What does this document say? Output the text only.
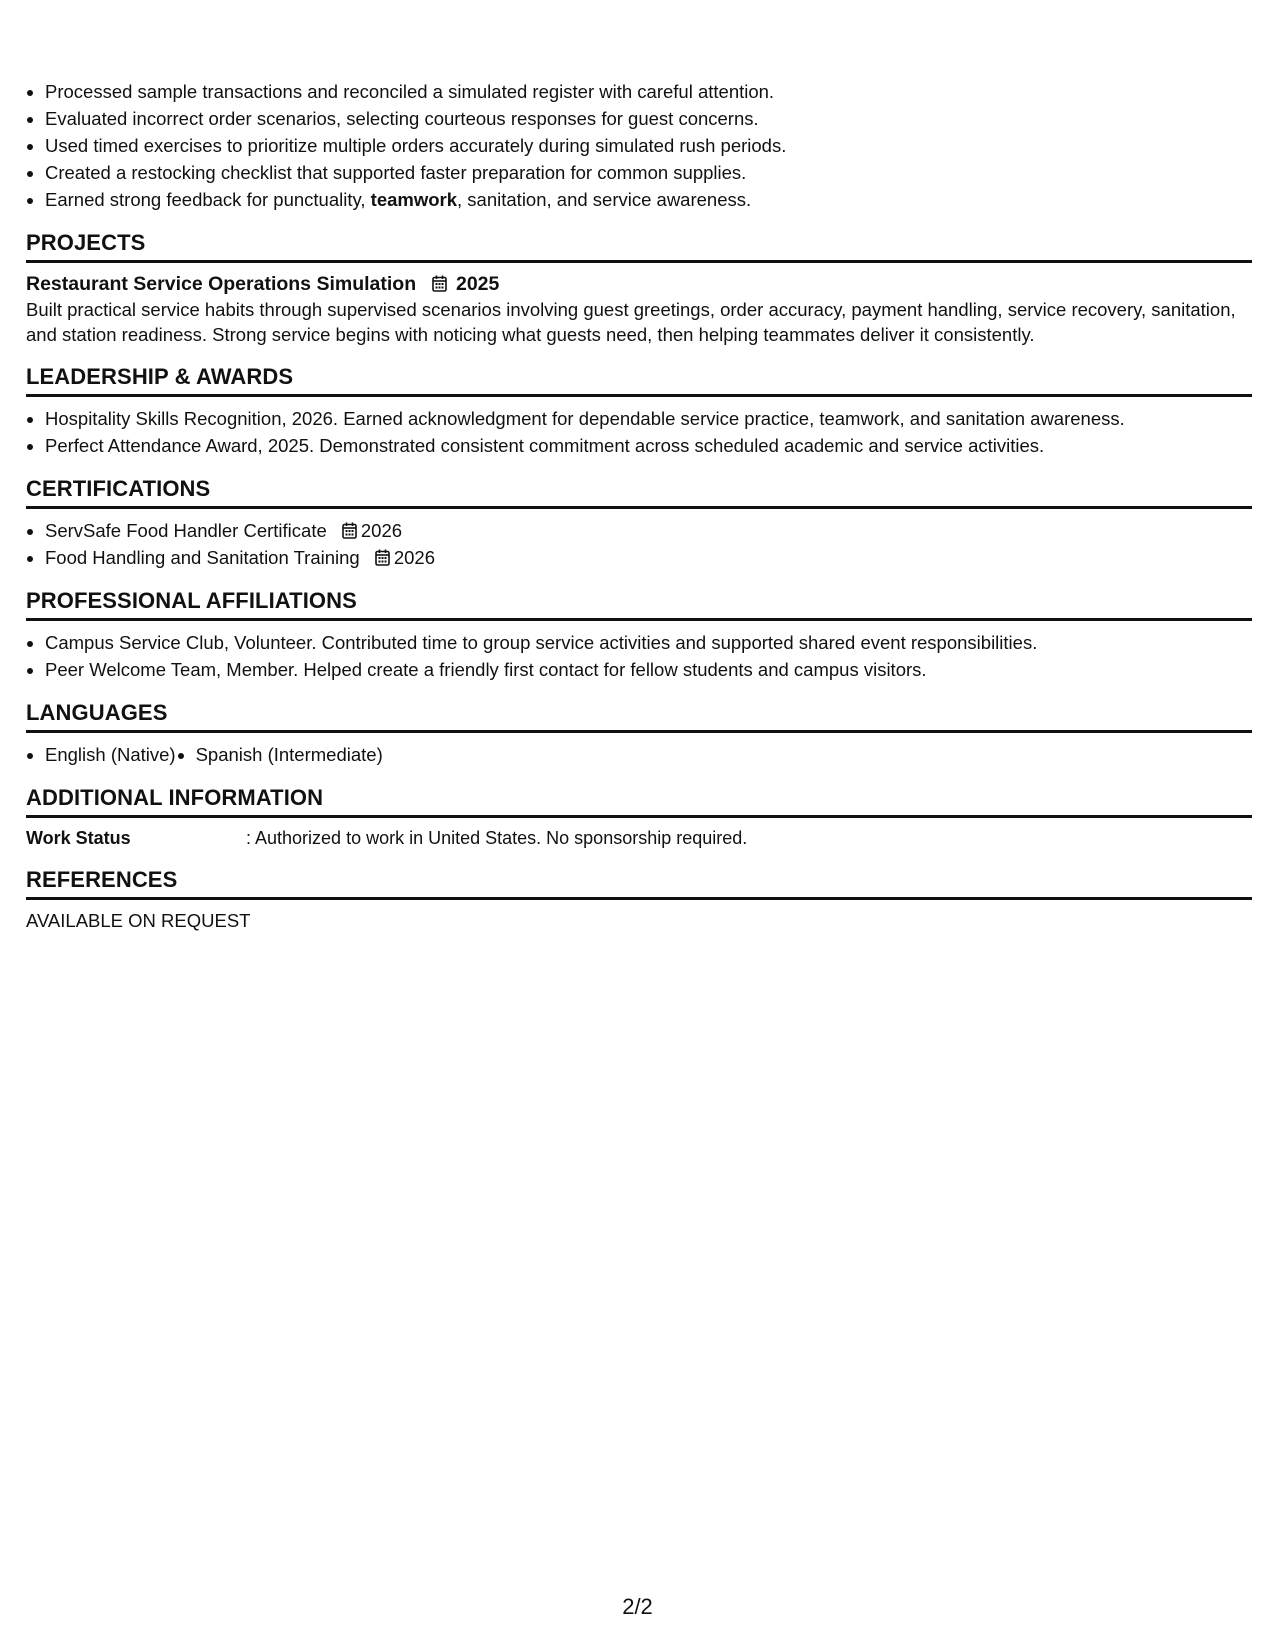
• Processed sample transactions and reconciled a simulated register with careful attention.
• Evaluated incorrect order scenarios, selecting courteous responses for guest concerns.
• Used timed exercises to prioritize multiple orders accurately during simulated rush periods.
• Created a restocking checklist that supported faster preparation for common supplies.
• Earned strong feedback for punctuality, teamwork, sanitation, and service awareness.
PROJECTS
Restaurant Service Operations Simulation 2025

Built practical service habits through supervised scenarios involving guest greetings, order accuracy, payment handling, service recovery, sanitation, and station readiness. Strong service begins with noticing what guests need, then helping teammates deliver it consistently.

LEADERSHIP & AWARDS
• Hospitality Skills Recognition, 2026. Earned acknowledgment for dependable service practice, teamwork, and sanitation awareness.
• Perfect Attendance Award, 2025. Demonstrated consistent commitment across scheduled academic and service activities.
CERTIFICATIONS
• ServSafe Food Handler Certificate 2026
• Food Handling and Sanitation Training 2026
PROFESSIONAL AFFILIATIONS
• Campus Service Club, Volunteer. Contributed time to group service activities and supported shared event responsibilities.
• Peer Welcome Team, Member. Helped create a friendly first contact for fellow students and campus visitors.
LANGUAGES
• English (Native)
• Spanish (Intermediate)
ADDITIONAL INFORMATION
Work Status	: Authorized to work in United States. No sponsorship required.
REFERENCES

AVAILABLE ON REQUEST

2/2
